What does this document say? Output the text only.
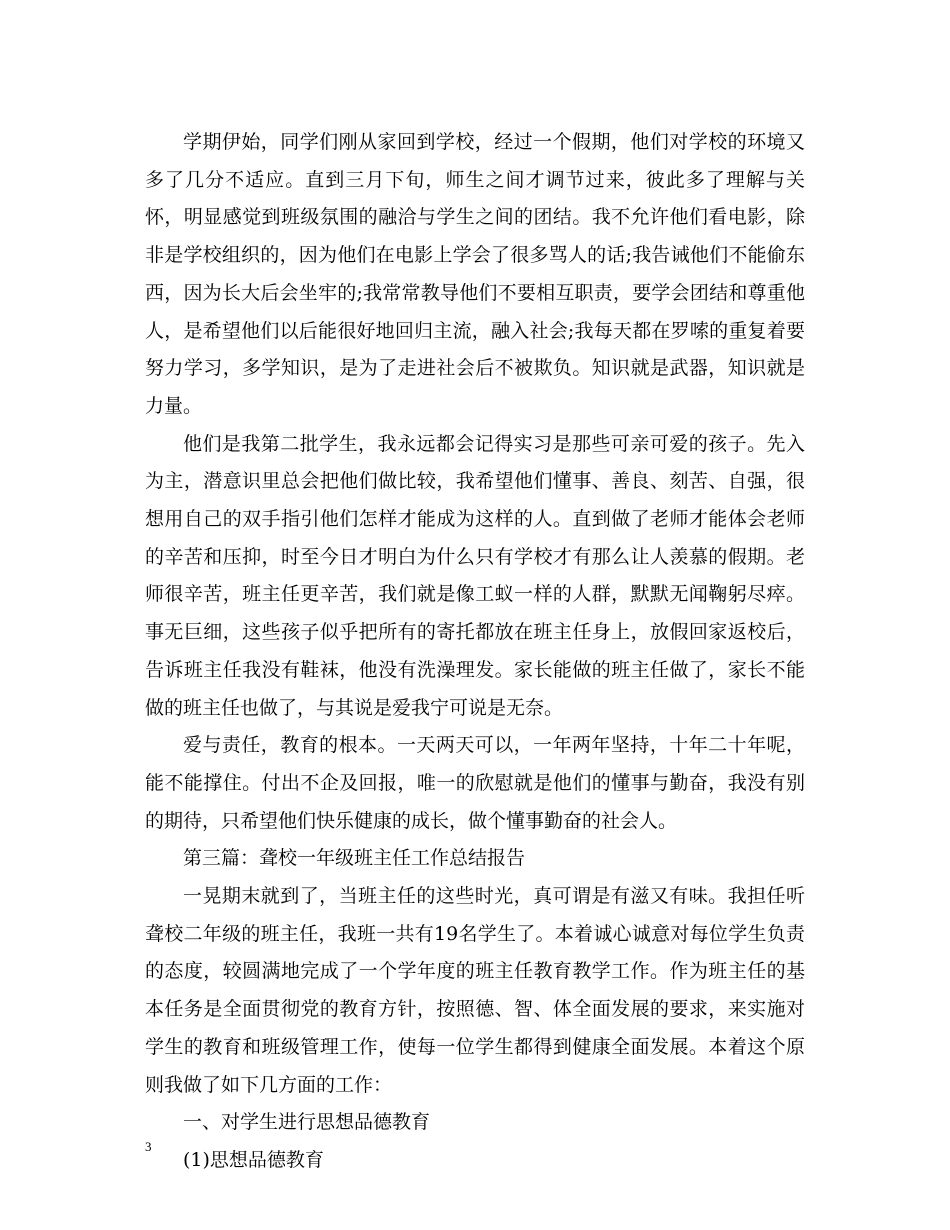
学期伊始，同学们刚从家回到学校，经过一个假期，他们对学校的环境又多了几分不适应。直到三月下旬，师生之间才调节过来，彼此多了理解与关怀，明显感觉到班级氛围的融洽与学生之间的团结。我不允许他们看电影，除非是学校组织的，因为他们在电影上学会了很多骂人的话;我告诫他们不能偷东西，因为长大后会坐牢的;我常常教导他们不要相互职责，要学会团结和尊重他人，是希望他们以后能很好地回归主流，融入社会;我每天都在罗嗦的重复着要努力学习，多学知识，是为了走进社会后不被欺负。知识就是武器，知识就是力量。

他们是我第二批学生，我永远都会记得实习是那些可亲可爱的孩子。先入为主，潜意识里总会把他们做比较，我希望他们懂事、善良、刻苦、自强，很想用自己的双手指引他们怎样才能成为这样的人。直到做了老师才能体会老师的辛苦和压抑，时至今日才明白为什么只有学校才有那么让人羡慕的假期。老师很辛苦，班主任更辛苦，我们就是像工蚁一样的人群，默默无闻鞠躬尽瘁。事无巨细，这些孩子似乎把所有的寄托都放在班主任身上，放假回家返校后，告诉班主任我没有鞋袜，他没有洗澡理发。家长能做的班主任做了，家长不能做的班主任也做了，与其说是爱我宁可说是无奈。

爱与责任，教育的根本。一天两天可以，一年两年坚持，十年二十年呢，能不能撑住。付出不企及回报，唯一的欣慰就是他们的懂事与勤奋，我没有别的期待，只希望他们快乐健康的成长，做个懂事勤奋的社会人。

第三篇：聋校一年级班主任工作总结报告

一晃期末就到了，当班主任的这些时光，真可谓是有滋又有味。我担任听聋校二年级的班主任，我班一共有19名学生了。本着诚心诚意对每位学生负责的态度，较圆满地完成了一个学年度的班主任教育教学工作。作为班主任的基本任务是全面贯彻党的教育方针，按照德、智、体全面发展的要求，来实施对学生的教育和班级管理工作，使每一位学生都得到健康全面发展。本着这个原则我做了如下几方面的工作：

一、对学生进行思想品德教育

(1)思想品德教育

3
